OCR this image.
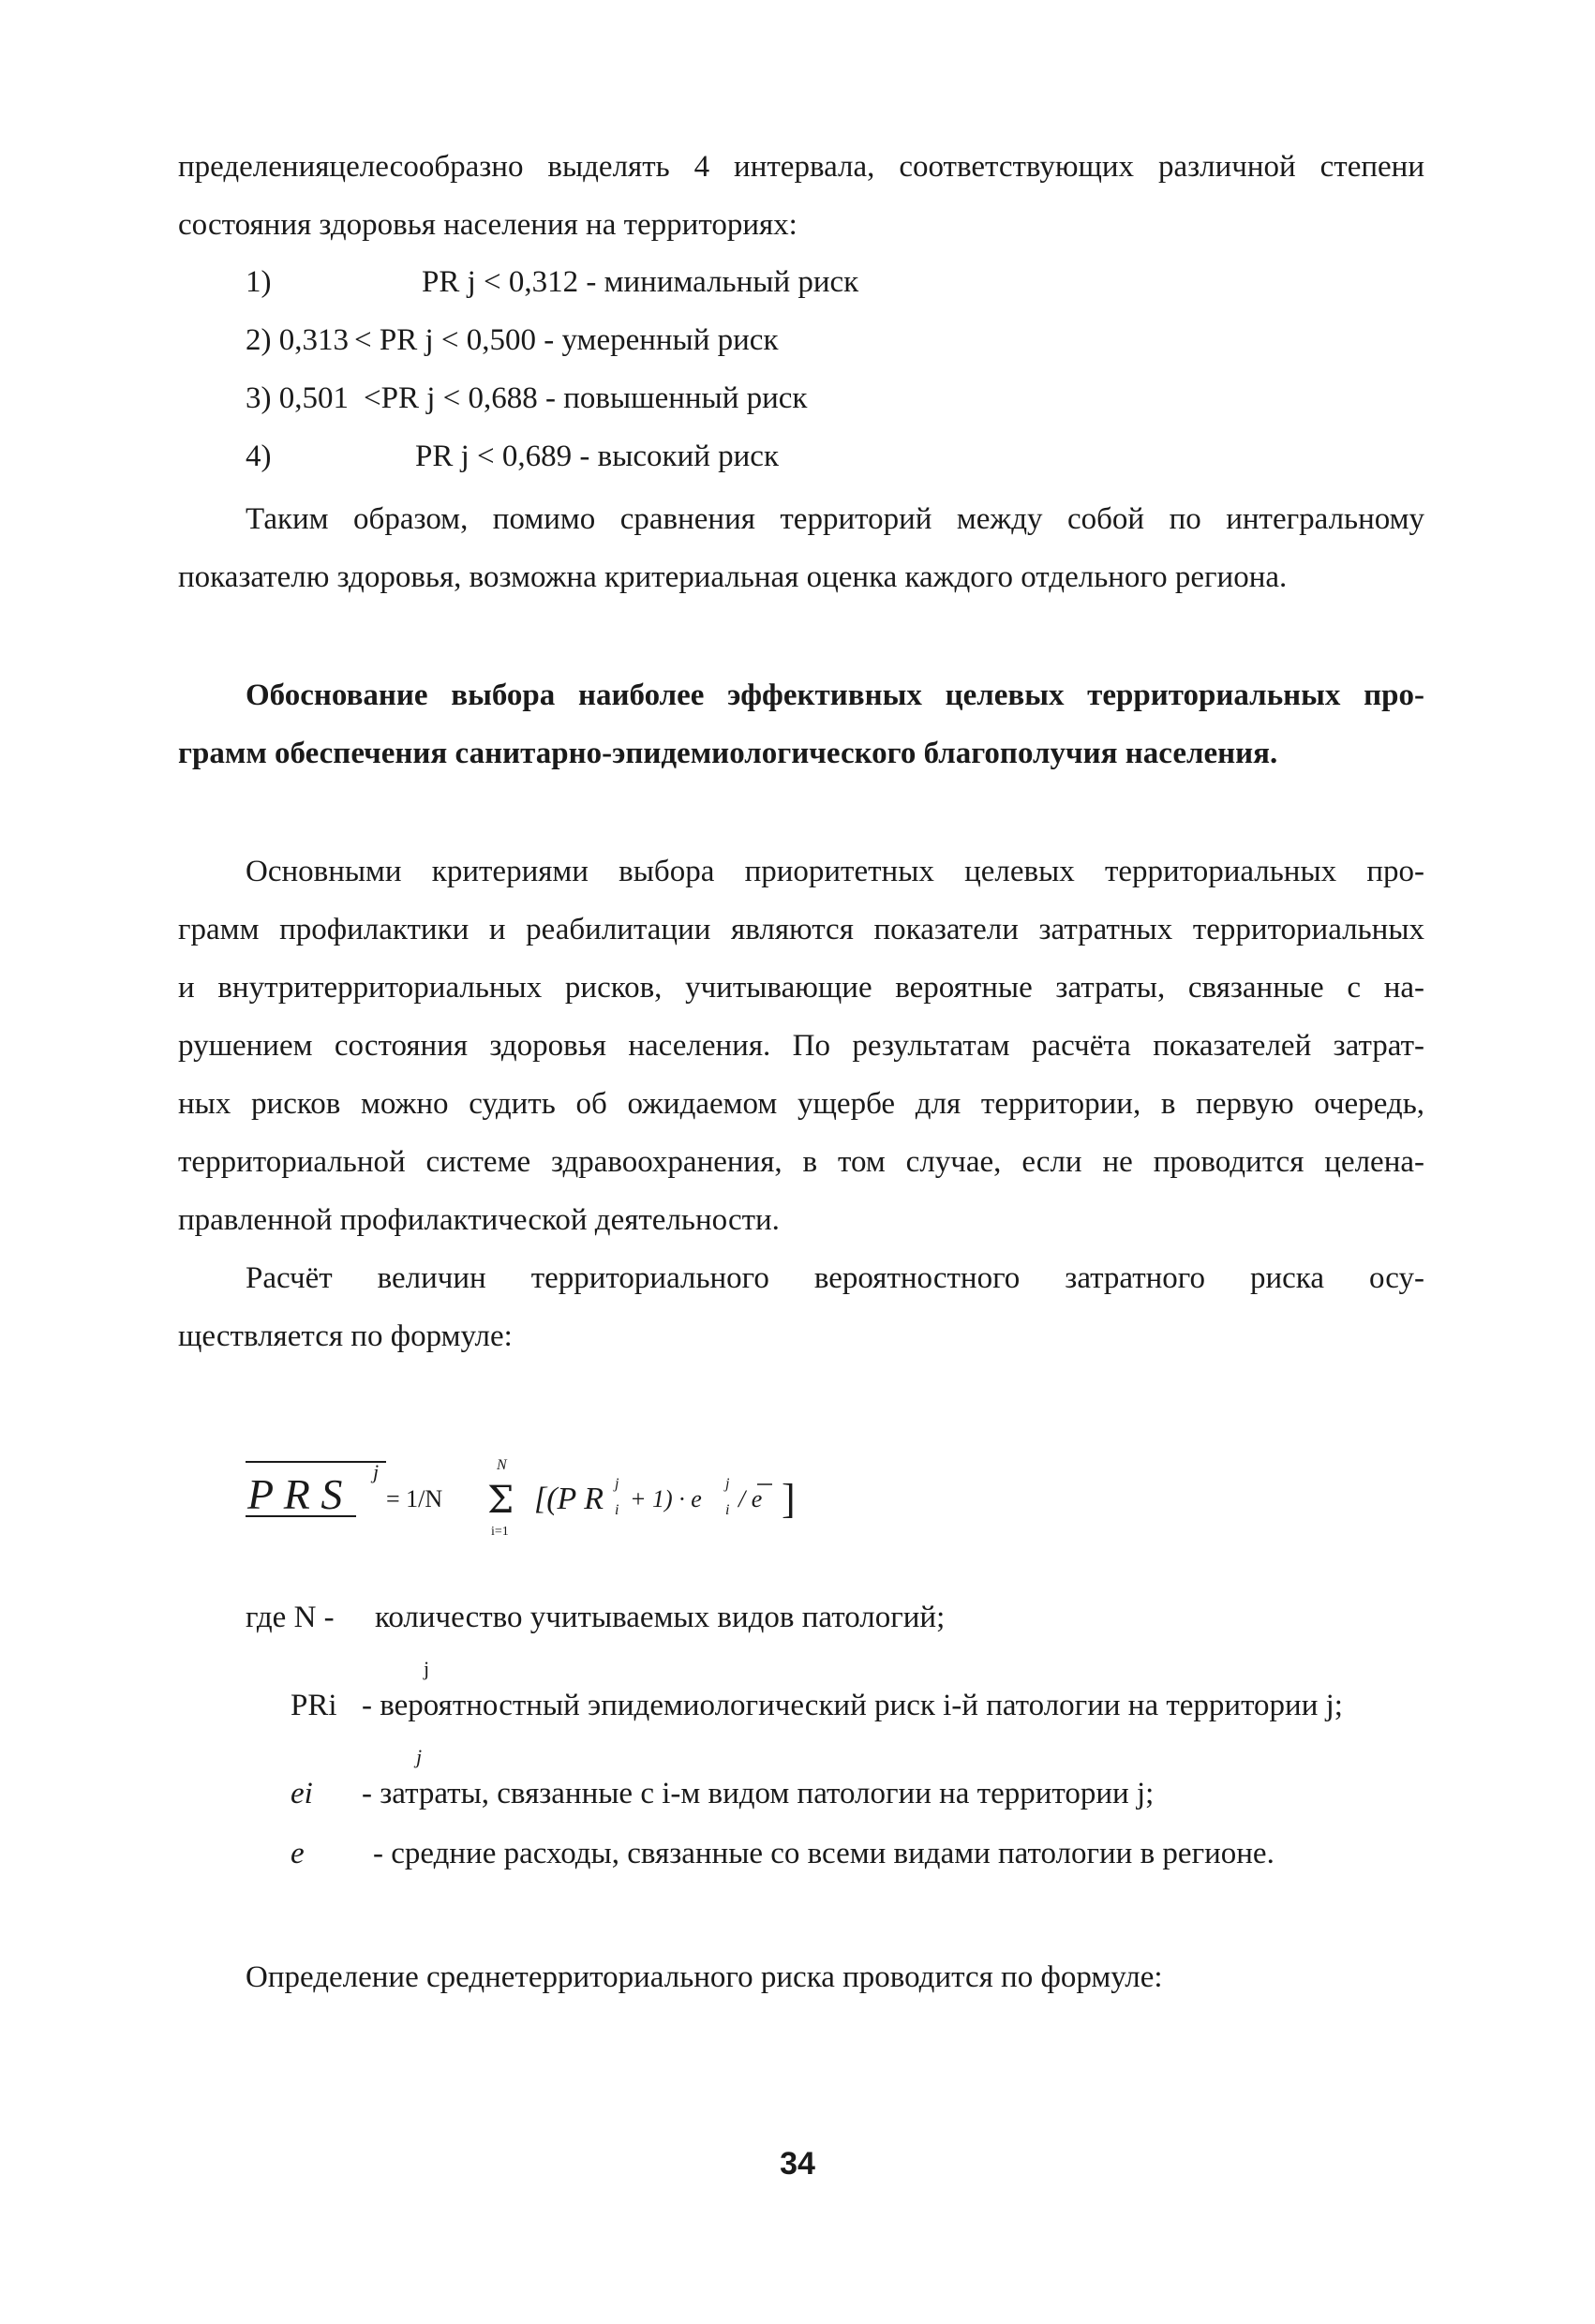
пределенияцелесообразно выделять 4 интервала, соответствующих различной степени
состояния здоровья населения на территориях:
1)	PR j < 0,312 - минимальный риск
2) 0,313 < PR j < 0,500 - умеренный риск
3) 0,501 <PR j < 0,688 - повышенный риск
4)	PR j < 0,689 - высокий риск
Таким образом, помимо сравнения территорий между собой по интегральному
показателю здоровья, возможна критериальная оценка каждого отдельного региона.
Обоснование выбора наиболее эффективных целевых территориальных про-
грамм обеспечения санитарно-эпидемиологического благополучия населения.
Основными критериями выбора приоритетных целевых территориальных про-
грамм профилактики и реабилитации являются показатели затратных территориальных
и внутритерриториальных рисков, учитывающие вероятные затраты, связанные с на-
рушением состояния здоровья населения. По результатам расчёта показателей затрат-
ных рисков можно судить об ожидаемом ущербе для территории, в первую очередь,
территориальной системе здравоохранения, в том случае, если не проводится целена-
правленной профилактической деятельности.
Расчёт величин территориального вероятностного затратного риска осу-
ществляется по формуле:
P R S j
= 1/N
N
Σ
i=1
[(P R i
j
+ 1) · e i
j
/ e ]
где N - количество учитываемых видов патологий;
j
PRi - вероятностный эпидемиологический риск i-й патологии на территории j;
j
ei - затраты, связанные с i-м видом патологии на территории j;
e - средние расходы, связанные со всеми видами патологии в регионе.
Определение среднетерриториального риска проводится по формуле:
34
